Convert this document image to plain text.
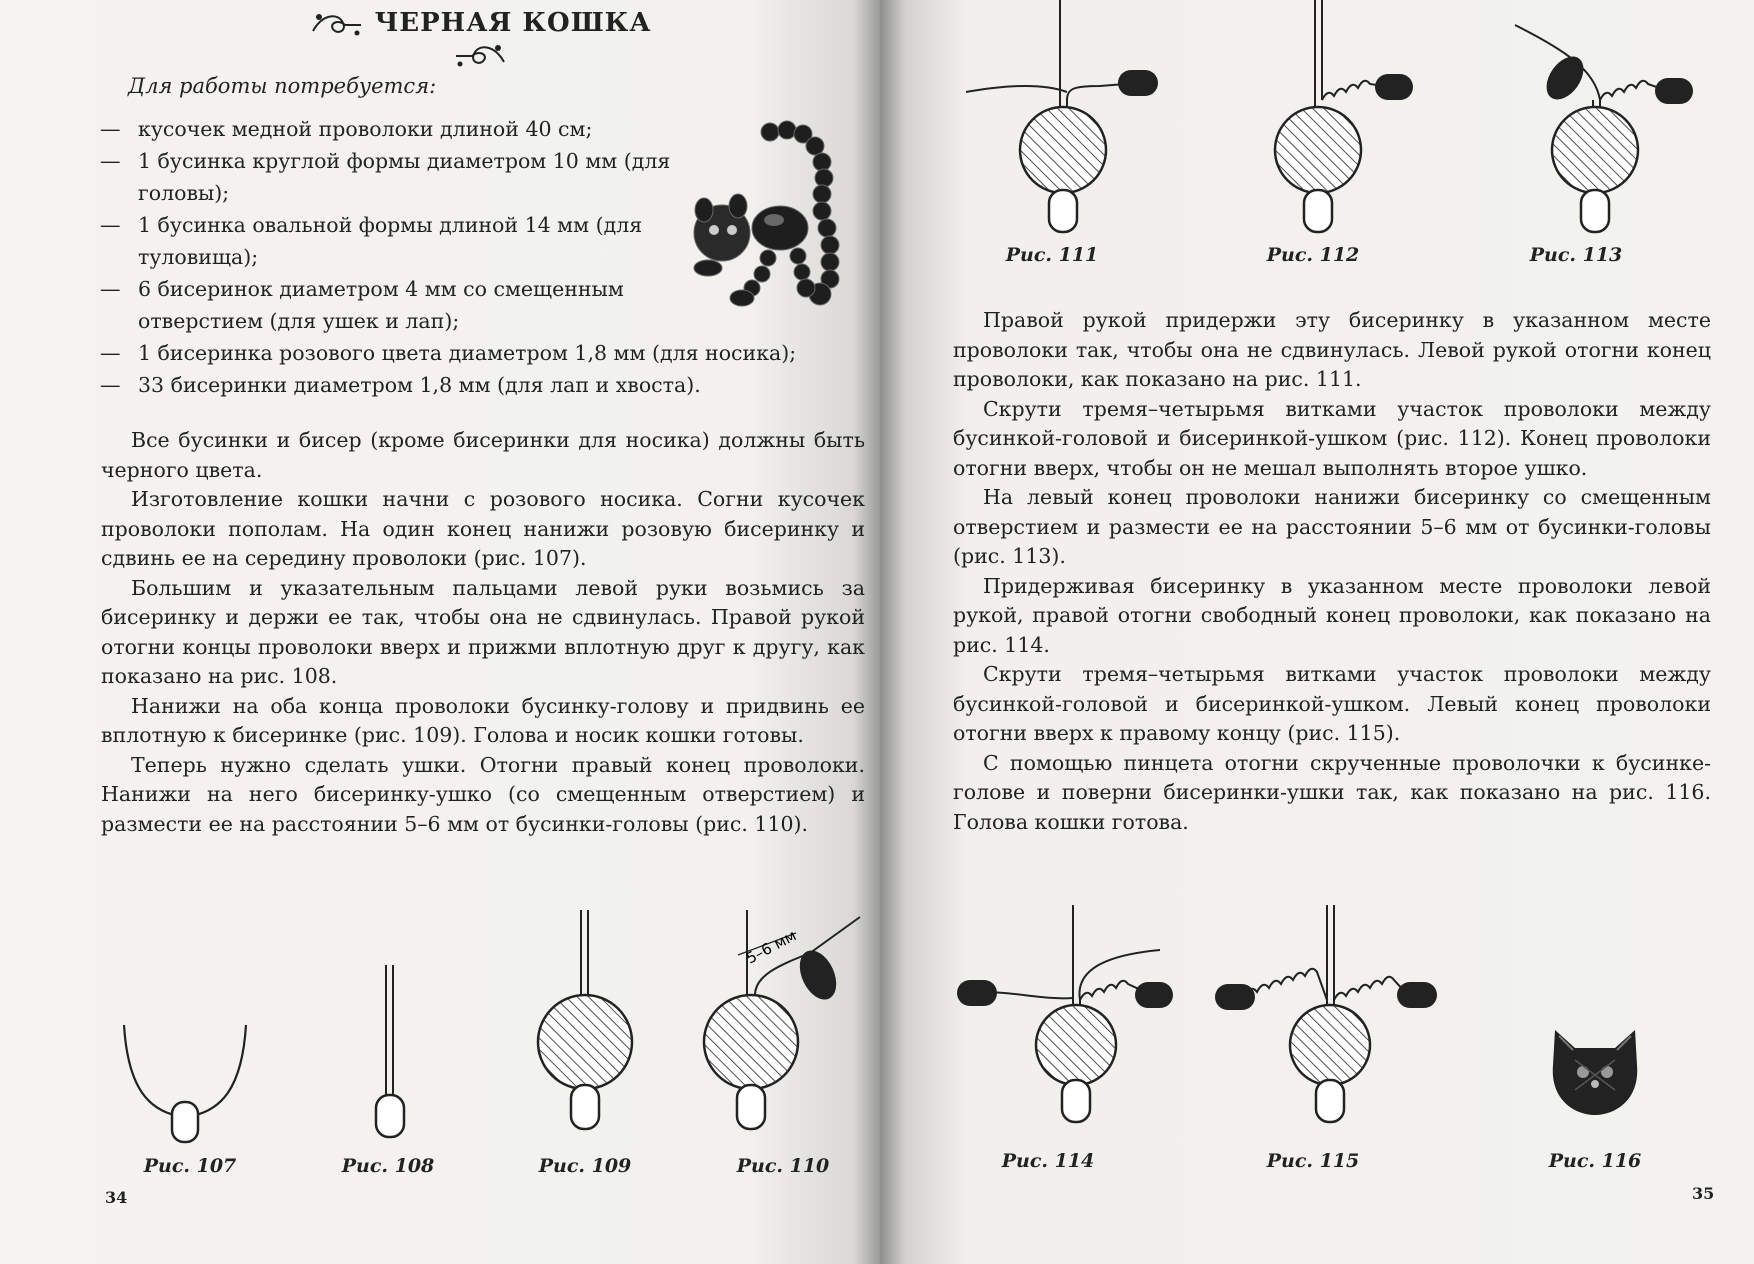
ЧЕРНАЯ КОШКА
Для работы потребуется:
— кусочек медной проволоки длиной 40 см;
— 1 бусинка круглой формы диаметром 10 мм (для головы);
— 1 бусинка овальной формы длиной 14 мм (для туловища);
— 6 бисеринок диаметром 4 мм со смещенным отверстием (для ушек и лап);
— 1 бисеринка розового цвета диаметром 1,8 мм (для носика);
— 33 бисеринки диаметром 1,8 мм (для лап и хвоста).

Все бусинки и бисер (кроме бисеринки для носика) должны быть черного цвета.

Изготовление кошки начни с розового носика. Согни кусочек проволоки пополам. На один конец нанижи розовую бисеринку и сдвинь ее на середину проволоки (рис. 107).

Большим и указательным пальцами левой руки возьмись за бисеринку и держи ее так, чтобы она не сдвинулась. Правой рукой отогни концы проволоки вверх и прижми вплотную друг к другу, как показано на рис. 108.

Нанижи на оба конца проволоки бусинку-голову и придвинь ее вплотную к бисеринке (рис. 109). Голова и носик кошки готовы.

Теперь нужно сделать ушки. Отогни правый конец проволоки. Нанижи на него бисеринку-ушко (со смещенным отверстием) и размести ее на расстоянии 5–6 мм от бусинки-головы (рис. 110).

5–6 мм
Рис. 107	Рис. 108	Рис. 109	Рис. 110
34
Рис. 111	Рис. 112	Рис. 113

Правой рукой придержи эту бисеринку в указанном месте проволоки так, чтобы она не сдвинулась. Левой рукой отогни конец проволоки, как показано на рис. 111.

Скрути тремя–четырьмя витками участок проволоки между бусинкой-головой и бисеринкой-ушком (рис. 112). Конец проволоки отогни вверх, чтобы он не мешал выполнять второе ушко.

На левый конец проволоки нанижи бисеринку со смещенным отверстием и размести ее на расстоянии 5–6 мм от бусинки-головы (рис. 113).

Придерживая бисеринку в указанном месте проволоки левой рукой, правой отогни свободный конец проволоки, как показано на рис. 114.

Скрути тремя–четырьмя витками участок проволоки между бусинкой-головой и бисеринкой-ушком. Левый конец проволоки отогни вверх к правому концу (рис. 115).

С помощью пинцета отогни скрученные проволочки к бусинке-голове и поверни бисеринки-ушки так, как показано на рис. 116. Голова кошки готова.

Рис. 114	Рис. 115	Рис. 116
35
